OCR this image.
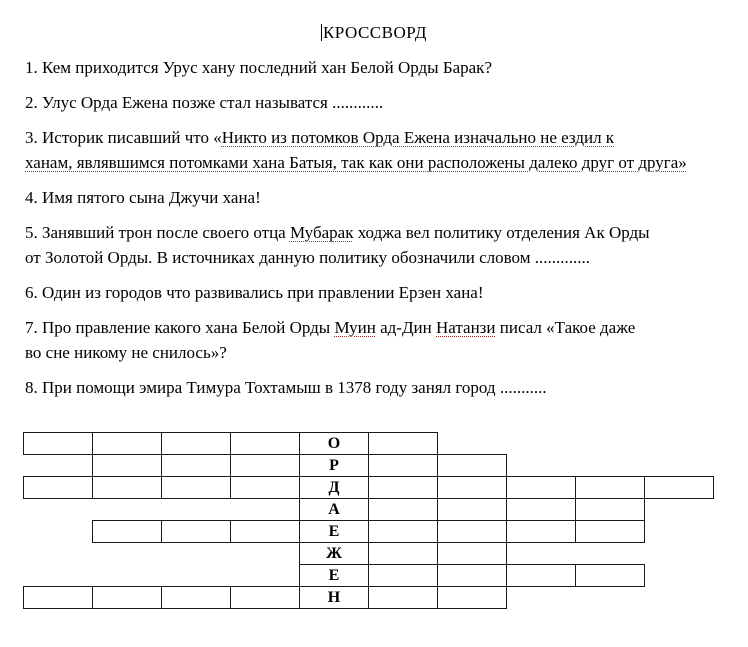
КРОССВОРД
1. Кем приходится Урус хану последний хан Белой Орды Барак?
2. Улус Орда Ежена позже стал называтся ............
3. Историк писавший что «Никто из потомков Орда Ежена изначально не ездил к
ханам, являвшимся потомками хана Батыя, так как они расположены далеко друг от друга»
4. Имя пятого сына Джучи хана!
5. Занявший трон после своего отца Мубарак ходжа вел политику отделения Ак Орды
от Золотой Орды. В источниках данную политику обозначили словом .............
6. Один из городов что развивались при правлении Ерзен хана!
7. Про правление какого хана Белой Орды Муин ад-Дин Натанзи писал «Такое даже
во сне никому не снилось»?
8. При помощи эмира Тимура Тохтамыш в 1378 году занял город ...........
О
Р
Д
А
Е
Ж
Е
Н
